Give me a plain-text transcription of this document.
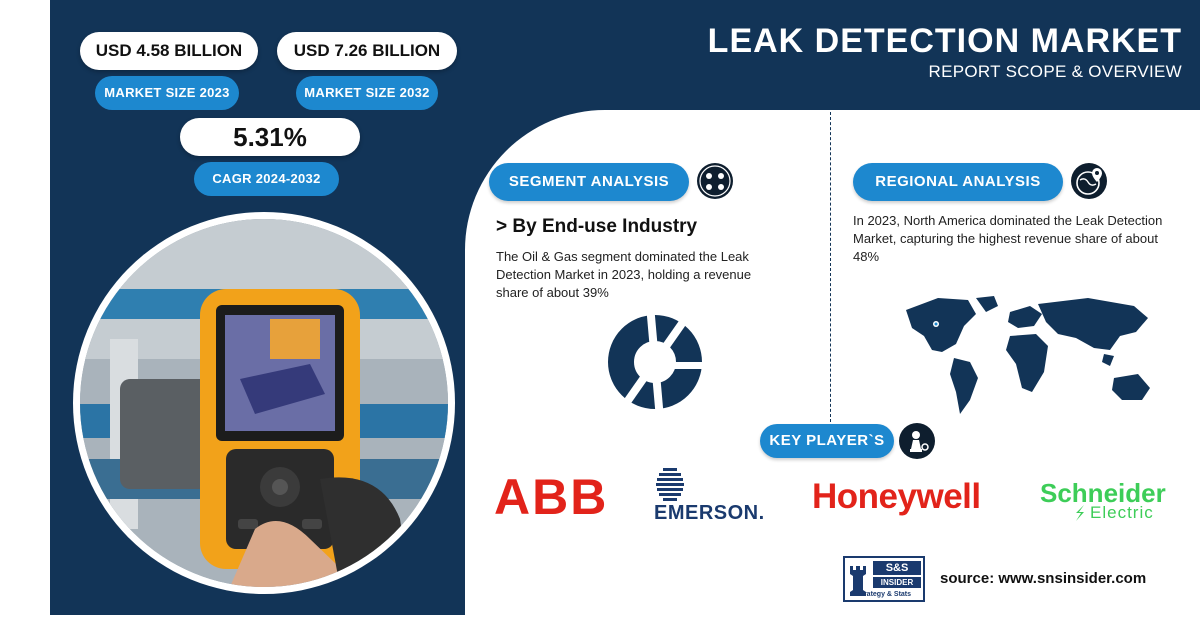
LEAK DETECTION MARKET
REPORT SCOPE & OVERVIEW
USD 4.58 BILLION
MARKET SIZE 2023
USD 7.26 BILLION
MARKET SIZE 2032
5.31%
CAGR 2024-2032	SEGMENT ANALYSIS
> By End-use Industry
The Oil & Gas segment dominated the Leak Detection Market in 2023, holding a revenue share of about 39%
REGIONAL ANALYSIS
In 2023, North America dominated the Leak Detection Market, capturing the highest revenue share of about 48%
KEY PLAYER`S
ABB EMERSON. Honeywell Schneider
Electric
S&S
INSIDER
Strategy & Stats
source: www.snsinsider.com
